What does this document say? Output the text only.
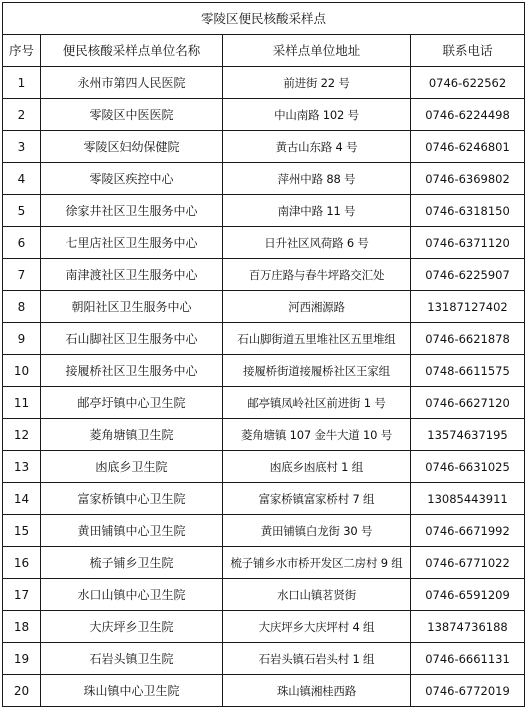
零陵区便民核酸采样点			
序号	便民核酸采样点单位名称	采样点单位地址	联系电话
1	永州市第四人民医院	前进街 22 号	0746-622562
2	零陵区中医医院	中山南路 102 号	0746-6224498
3	零陵区妇幼保健院	黄古山东路 4 号	0746-6246801
4	零陵区疾控中心	萍州中路 88 号	0746-6369802
5	徐家井社区卫生服务中心	南津中路 11 号	0746-6318150
6	七里店社区卫生服务中心	日升社区风荷路 6 号	0746-6371120
7	南津渡社区卫生服务中心	百万庄路与春牛坪路交汇处	0746-6225907
8	朝阳社区卫生服务中心	河西湘源路	13187127402
9	石山脚社区卫生服务中心	石山脚街道五里堆社区五里堆组	0746-6621878
10	接履桥社区卫生服务中心	接履桥街道接履桥社区王家组	0748-6611575
11	邮亭圩镇中心卫生院	邮亭镇凤岭社区前进街 1 号	0746-6627120
12	菱角塘镇卫生院	菱角塘镇 107 金牛大道 10 号	13574637195
13	凼底乡卫生院	凼底乡凼底村 1 组	0746-6631025
14	富家桥镇中心卫生院	富家桥镇富家桥村 7 组	13085443911
15	黄田铺镇中心卫生院	黄田铺镇白龙街 30 号	0746-6671992
16	梳子铺乡卫生院	梳子铺乡水市桥开发区二房村 9 组	0746-6771022
17	水口山镇中心卫生院	水口山镇茗贤街	0746-6591209
18	大庆坪乡卫生院	大庆坪乡大庆坪村 4 组	13874736188
19	石岩头镇卫生院	石岩头镇石岩头村 1 组	0746-6661131
20	珠山镇中心卫生院	珠山镇湘桂西路	0746-6772019
